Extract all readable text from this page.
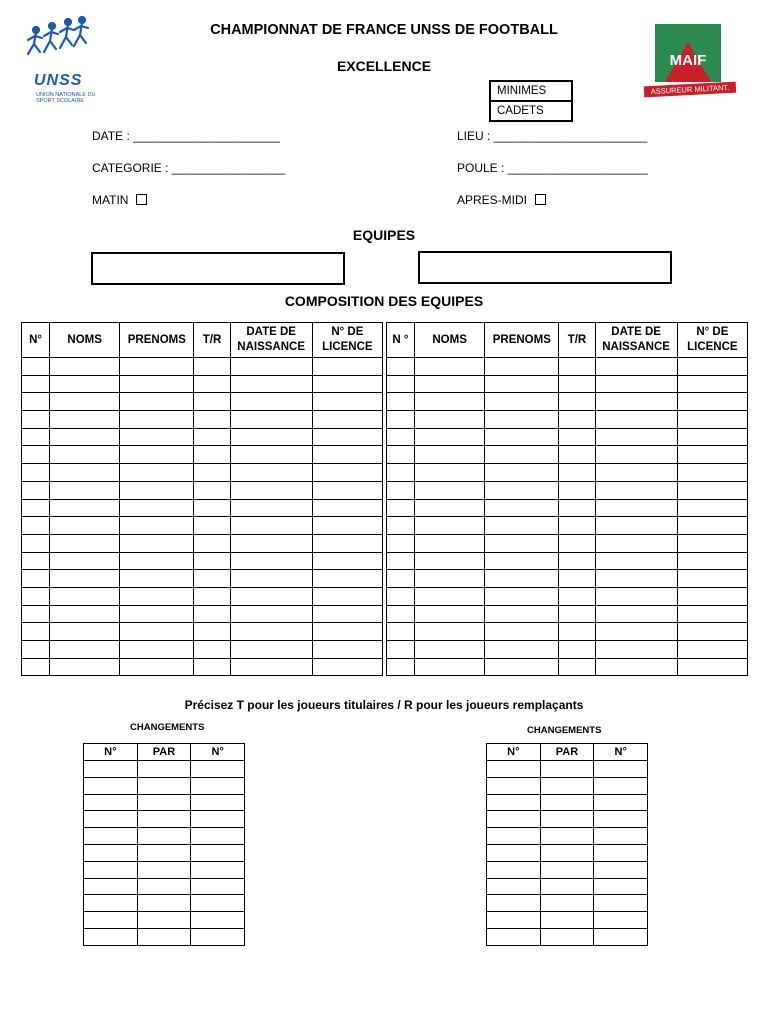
CHAMPIONNAT DE FRANCE UNSS DE FOOTBALL
EXCELLENCE
UNSS
UNION NATIONALE DU SPORT SCOLAIRE
MAIF
ASSUREUR MILITANT.
MINIMES
CADETS
DATE : ______________________	LIEU : _______________________
CATEGORIE : _________________	POULE : _____________________
MATIN	APRES-MIDI
EQUIPES
COMPOSITION DES EQUIPES
N°	NOMS	PRENOMS	T/R	DATE DE NAISSANCE	N° DE LICENCE		N °	NOMS	PRENOMS	T/R	DATE DE NAISSANCE	N° DE LICENCE

Précisez T pour les joueurs titulaires / R pour les joueurs remplaçants
CHANGEMENTS
N°	PAR	N°

CHANGEMENTS
N°	PAR	N°
